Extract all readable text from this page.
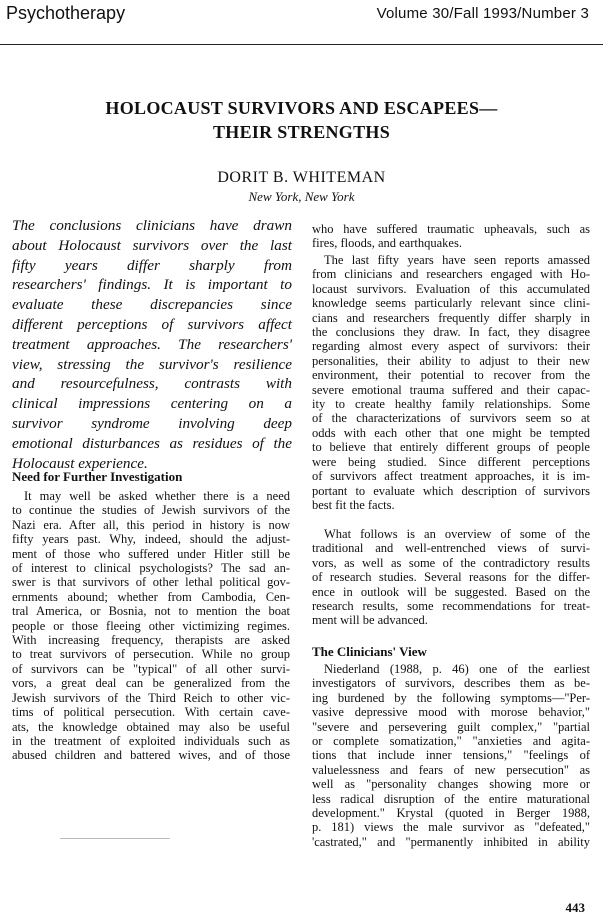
Psychotherapy	Volume 30/Fall 1993/Number 3
HOLOCAUST SURVIVORS AND ESCAPEES—
THEIR STRENGTHS
DORIT B. WHITEMAN
New York, New York
The conclusions clinicians have drawn
about Holocaust survivors over the last
fifty years differ sharply from
researchers' findings. It is important to
evaluate these discrepancies since
different perceptions of survivors affect
treatment approaches. The researchers'
view, stressing the survivor's resilience
and resourcefulness, contrasts with
clinical impressions centering on a
survivor syndrome involving deep
emotional disturbances as residues of the
Holocaust experience.
Need for Further Investigation
It may well be asked whether there is a need
to continue the studies of Jewish survivors of the
Nazi era. After all, this period in history is now
fifty years past. Why, indeed, should the adjust-
ment of those who suffered under Hitler still be
of interest to clinical psychologists? The sad an-
swer is that survivors of other lethal political gov-
ernments abound; whether from Cambodia, Cen-
tral America, or Bosnia, not to mention the boat
people or those fleeing other victimizing regimes.
With increasing frequency, therapists are asked
to treat survivors of persecution. While no group
of survivors can be "typical" of all other survi-
vors, a great deal can be generalized from the
Jewish survivors of the Third Reich to other vic-
tims of political persecution. With certain cave-
ats, the knowledge obtained may also be useful
in the treatment of exploited individuals such as
abused children and battered wives, and of those
who have suffered traumatic upheavals, such as
fires, floods, and earthquakes.
The last fifty years have seen reports amassed
from clinicians and researchers engaged with Ho-
locaust survivors. Evaluation of this accumulated
knowledge seems particularly relevant since clini-
cians and researchers frequently differ sharply in
the conclusions they draw. In fact, they disagree
regarding almost every aspect of survivors: their
personalities, their ability to adjust to their new
environment, their potential to recover from the
severe emotional trauma suffered and their capac-
ity to create healthy family relationships. Some
of the characterizations of survivors seem so at
odds with each other that one might be tempted
to believe that entirely different groups of people
were being studied. Since different perceptions
of survivors affect treatment approaches, it is im-
portant to evaluate which description of survivors
best fit the facts.
What follows is an overview of some of the
traditional and well-entrenched views of survi-
vors, as well as some of the contradictory results
of research studies. Several reasons for the differ-
ence in outlook will be suggested. Based on the
research results, some recommendations for treat-
ment will be advanced.
The Clinicians' View
Niederland (1988, p. 46) one of the earliest
investigators of survivors, describes them as be-
ing burdened by the following symptoms—"Per-
vasive depressive mood with morose behavior,"
"severe and persevering guilt complex," "partial
or complete somatization," "anxieties and agita-
tions that include inner tensions," "feelings of
valuelessness and fears of new persecution" as
well as "personality changes showing more or
less radical disruption of the entire maturational
development." Krystal (quoted in Berger 1988,
p. 181) views the male survivor as "defeated,"
'castrated," and "permanently inhibited in ability
443
